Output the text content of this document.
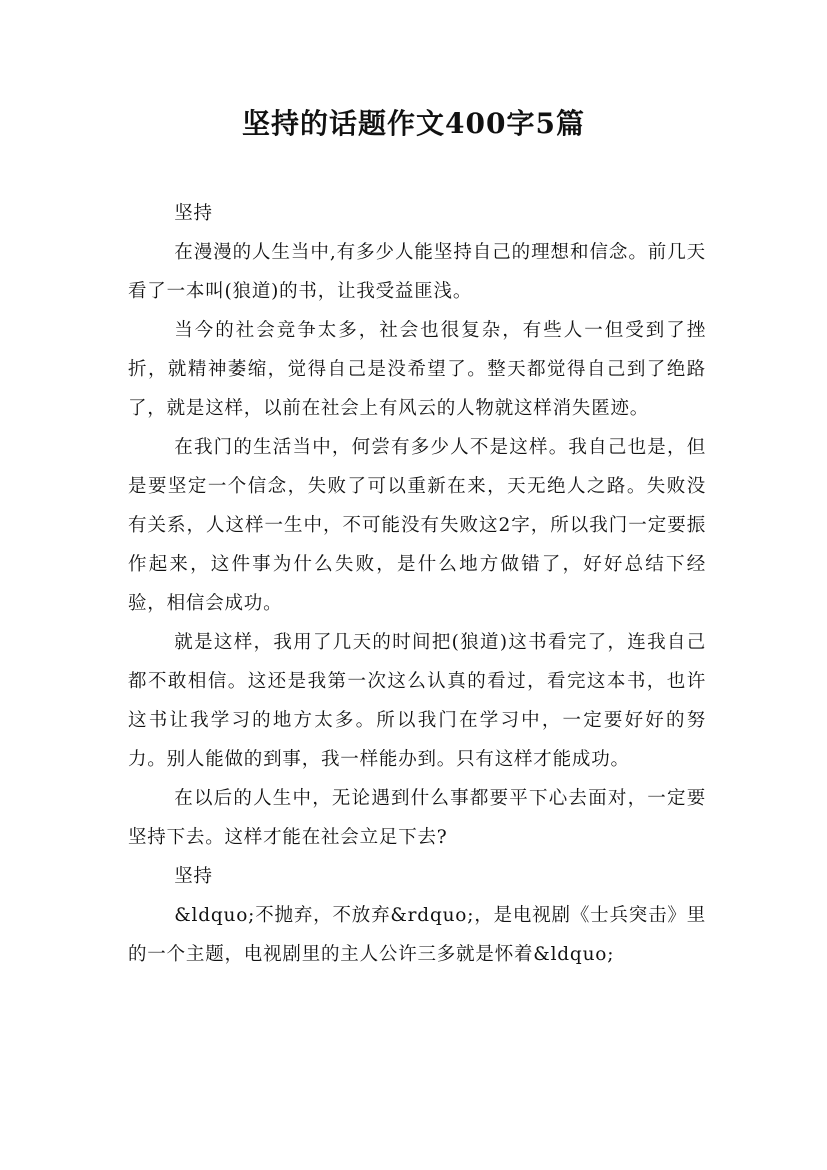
坚持的话题作文400字5篇

坚持

在漫漫的人生当中,有多少人能坚持自己的理想和信念。前几天看了一本叫(狼道)的书，让我受益匪浅。

当今的社会竞争太多，社会也很复杂，有些人一但受到了挫折，就精神萎缩，觉得自己是没希望了。整天都觉得自己到了绝路了，就是这样，以前在社会上有风云的人物就这样消失匿迹。

在我门的生活当中，何尝有多少人不是这样。我自己也是，但是要坚定一个信念，失败了可以重新在来，天无绝人之路。失败没有关系，人这样一生中，不可能没有失败这2字，所以我门一定要振作起来，这件事为什么失败，是什么地方做错了，好好总结下经验，相信会成功。

就是这样，我用了几天的时间把(狼道)这书看完了，连我自己都不敢相信。这还是我第一次这么认真的看过，看完这本书，也许这书让我学习的地方太多。所以我门在学习中，一定要好好的努力。别人能做的到事，我一样能办到。只有这样才能成功。

在以后的人生中，无论遇到什么事都要平下心去面对，一定要坚持下去。这样才能在社会立足下去?

坚持

&ldquo;不抛弃，不放弃&rdquo;，是电视剧《士兵突击》里的一个主题，电视剧里的主人公许三多就是怀着&ldquo;
